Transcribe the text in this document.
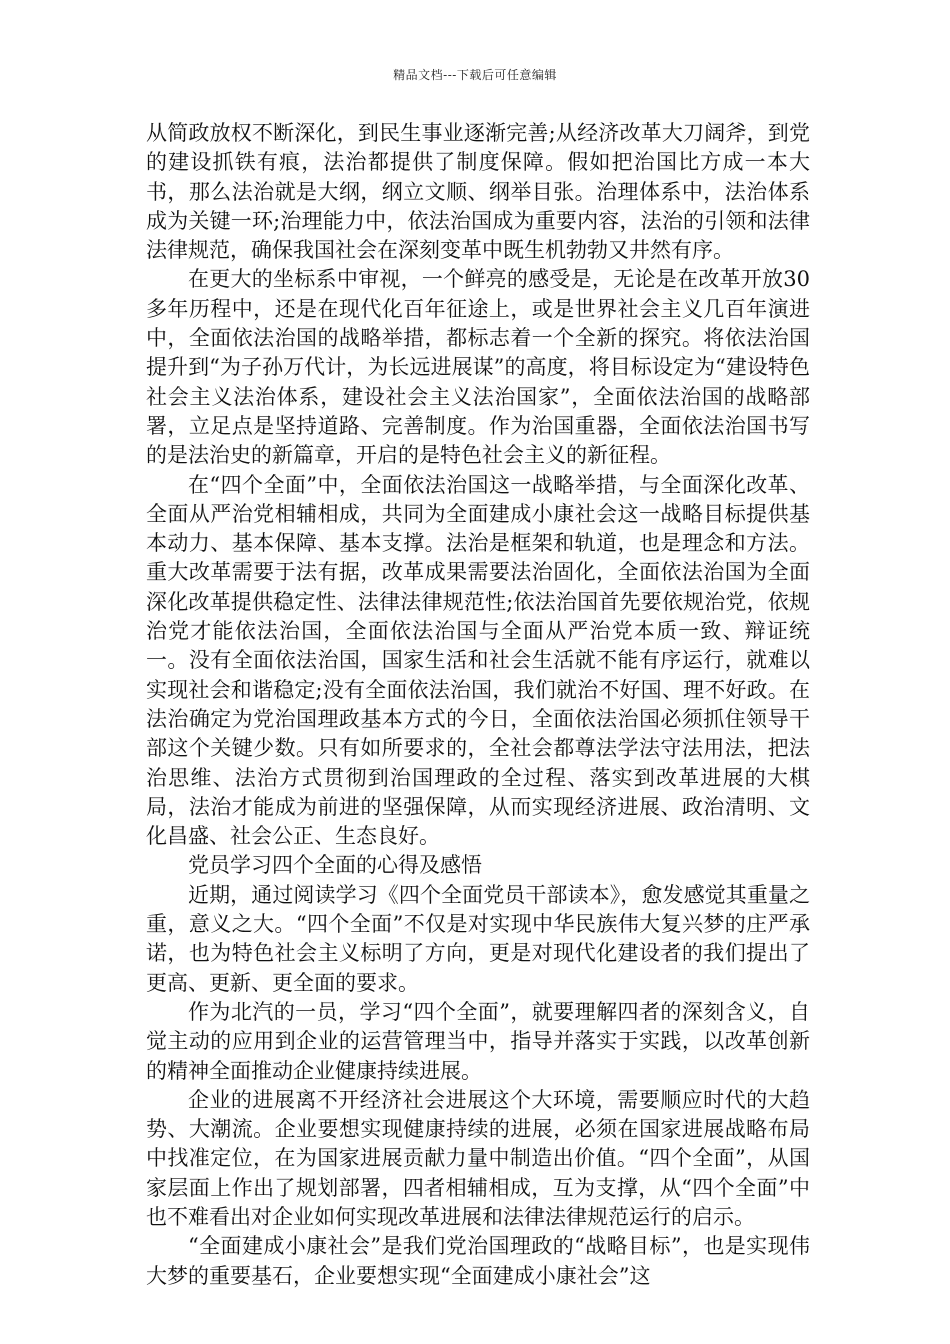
精品文档---下载后可任意编辑

从简政放权不断深化，到民生事业逐渐完善;从经济改革大刀阔斧，到党的建设抓铁有痕，法治都提供了制度保障。假如把治国比方成一本大书，那么法治就是大纲，纲立文顺、纲举目张。治理体系中，法治体系成为关键一环;治理能力中，依法治国成为重要内容，法治的引领和法律法律规范，确保我国社会在深刻变革中既生机勃勃又井然有序。

在更大的坐标系中审视，一个鲜亮的感受是，无论是在改革开放30多年历程中，还是在现代化百年征途上，或是世界社会主义几百年演进中，全面依法治国的战略举措，都标志着一个全新的探究。将依法治国提升到“为子孙万代计，为长远进展谋”的高度，将目标设定为“建设特色社会主义法治体系，建设社会主义法治国家”，全面依法治国的战略部署，立足点是坚持道路、完善制度。作为治国重器，全面依法治国书写的是法治史的新篇章，开启的是特色社会主义的新征程。

在“四个全面”中，全面依法治国这一战略举措，与全面深化改革、全面从严治党相辅相成，共同为全面建成小康社会这一战略目标提供基本动力、基本保障、基本支撑。法治是框架和轨道，也是理念和方法。重大改革需要于法有据，改革成果需要法治固化，全面依法治国为全面深化改革提供稳定性、法律法律规范性;依法治国首先要依规治党，依规治党才能依法治国，全面依法治国与全面从严治党本质一致、辩证统一。没有全面依法治国，国家生活和社会生活就不能有序运行，就难以实现社会和谐稳定;没有全面依法治国，我们就治不好国、理不好政。在法治确定为党治国理政基本方式的今日，全面依法治国必须抓住领导干部这个关键少数。只有如所要求的，全社会都尊法学法守法用法，把法治思维、法治方式贯彻到治国理政的全过程、落实到改革进展的大棋局，法治才能成为前进的坚强保障，从而实现经济进展、政治清明、文化昌盛、社会公正、生态良好。

党员学习四个全面的心得及感悟

近期，通过阅读学习《四个全面党员干部读本》，愈发感觉其重量之重，意义之大。“四个全面”不仅是对实现中华民族伟大复兴梦的庄严承诺，也为特色社会主义标明了方向，更是对现代化建设者的我们提出了更高、更新、更全面的要求。

作为北汽的一员，学习“四个全面”，就要理解四者的深刻含义，自觉主动的应用到企业的运营管理当中，指导并落实于实践，以改革创新的精神全面推动企业健康持续进展。

企业的进展离不开经济社会进展这个大环境，需要顺应时代的大趋势、大潮流。企业要想实现健康持续的进展，必须在国家进展战略布局中找准定位，在为国家进展贡献力量中制造出价值。“四个全面”，从国家层面上作出了规划部署，四者相辅相成，互为支撑，从“四个全面”中也不难看出对企业如何实现改革进展和法律法律规范运行的启示。

“全面建成小康社会”是我们党治国理政的“战略目标”，也是实现伟大梦的重要基石，企业要想实现“全面建成小康社会”这
